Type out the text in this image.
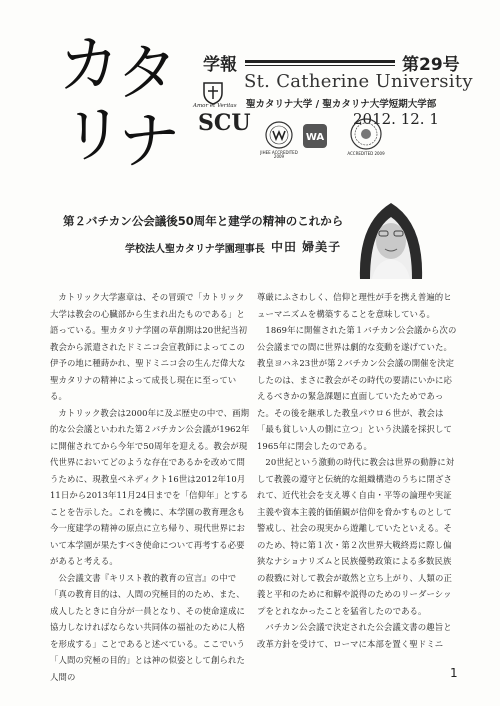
カ タ
リ
ナ
学報	第29号
St. Catherine University
Amor et Veritas
SCU
聖カタリナ大学 / 聖カタリナ大学短期大学部
2012. 12. 1
JIHEE ACCREDITED 2009
WA
ACCREDITED 2009
第２バチカン公会議後50周年と建学の精神のこれから
学校法人聖カタリナ学園理事長 中田 婦美子

カトリック大学憲章は、その冒頭で「カトリック大学は教会の心臓部から生まれ出たものである」と語っている。聖カタリナ学園の草創期は20世紀当初教会から派遣されたドミニコ会宣教師によってこの伊予の地に種蒔かれ、聖ドミニコ会の生んだ偉大な聖カタリナの精神によって成長し現在に至っている。

カトリック教会は2000年に及ぶ歴史の中で、画期的な公会議といわれた第２バチカン公会議が1962年に開催されてから今年で50周年を迎える。教会が現代世界においてどのような存在であるかを改めて問うために、現教皇ベネディクト16世は2012年10月11日から2013年11月24日までを「信仰年」とすることを告示した。これを機に、本学園の教育理念も今一度建学の精神の原点に立ち帰り、現代世界において本学園が果たすべき使命について再考する必要があると考える。

公会議文書『キリスト教的教育の宣言』の中で「真の教育目的は、人間の究極目的のため、また、成人したときに自分が一員となり、その使命達成に協力しなければならない共同体の福祉のために人格を形成する」ことであると述べている。ここでいう「人間の究極の目的」とは神の似姿として創られた人間の

尊厳にふさわしく、信仰と理性が手を携え普遍的ヒューマニズムを構築することを意味している。

1869年に開催された第１バチカン公会議から次の公会議までの間に世界は劇的な変動を遂げていた。教皇ヨハネ23世が第２バチカン公会議の開催を決定したのは、まさに教会がその時代の要請にいかに応えるべきかの緊急課題に直面していたためであった。その後を継承した教皇パウロ６世が、教会は「最も貧しい人の側に立つ」という決議を採択して1965年に閉会したのである。

20世紀という激動の時代に教会は世界の動静に対して教義の遵守と伝統的な組織構造のうちに閉ざされて、近代社会を支え導く自由・平等の論理や実証主義や資本主義的価値観が信仰を脅かすものとして警戒し、社会の現実から遊離していたといえる。そのため、特に第１次・第２次世界大戦終焉に際し偏狭なナショナリズムと民族優勢政策による多数民族の殺戮に対して教会が敢然と立ち上がり、人類の正義と平和のために和解や説得のためのリーダーシップをとれなかったことを猛省したのである。

バチカン公会議で決定された公会議文書の趣旨と改革方針を受けて、ローマに本部を置く聖ドミニ

1
